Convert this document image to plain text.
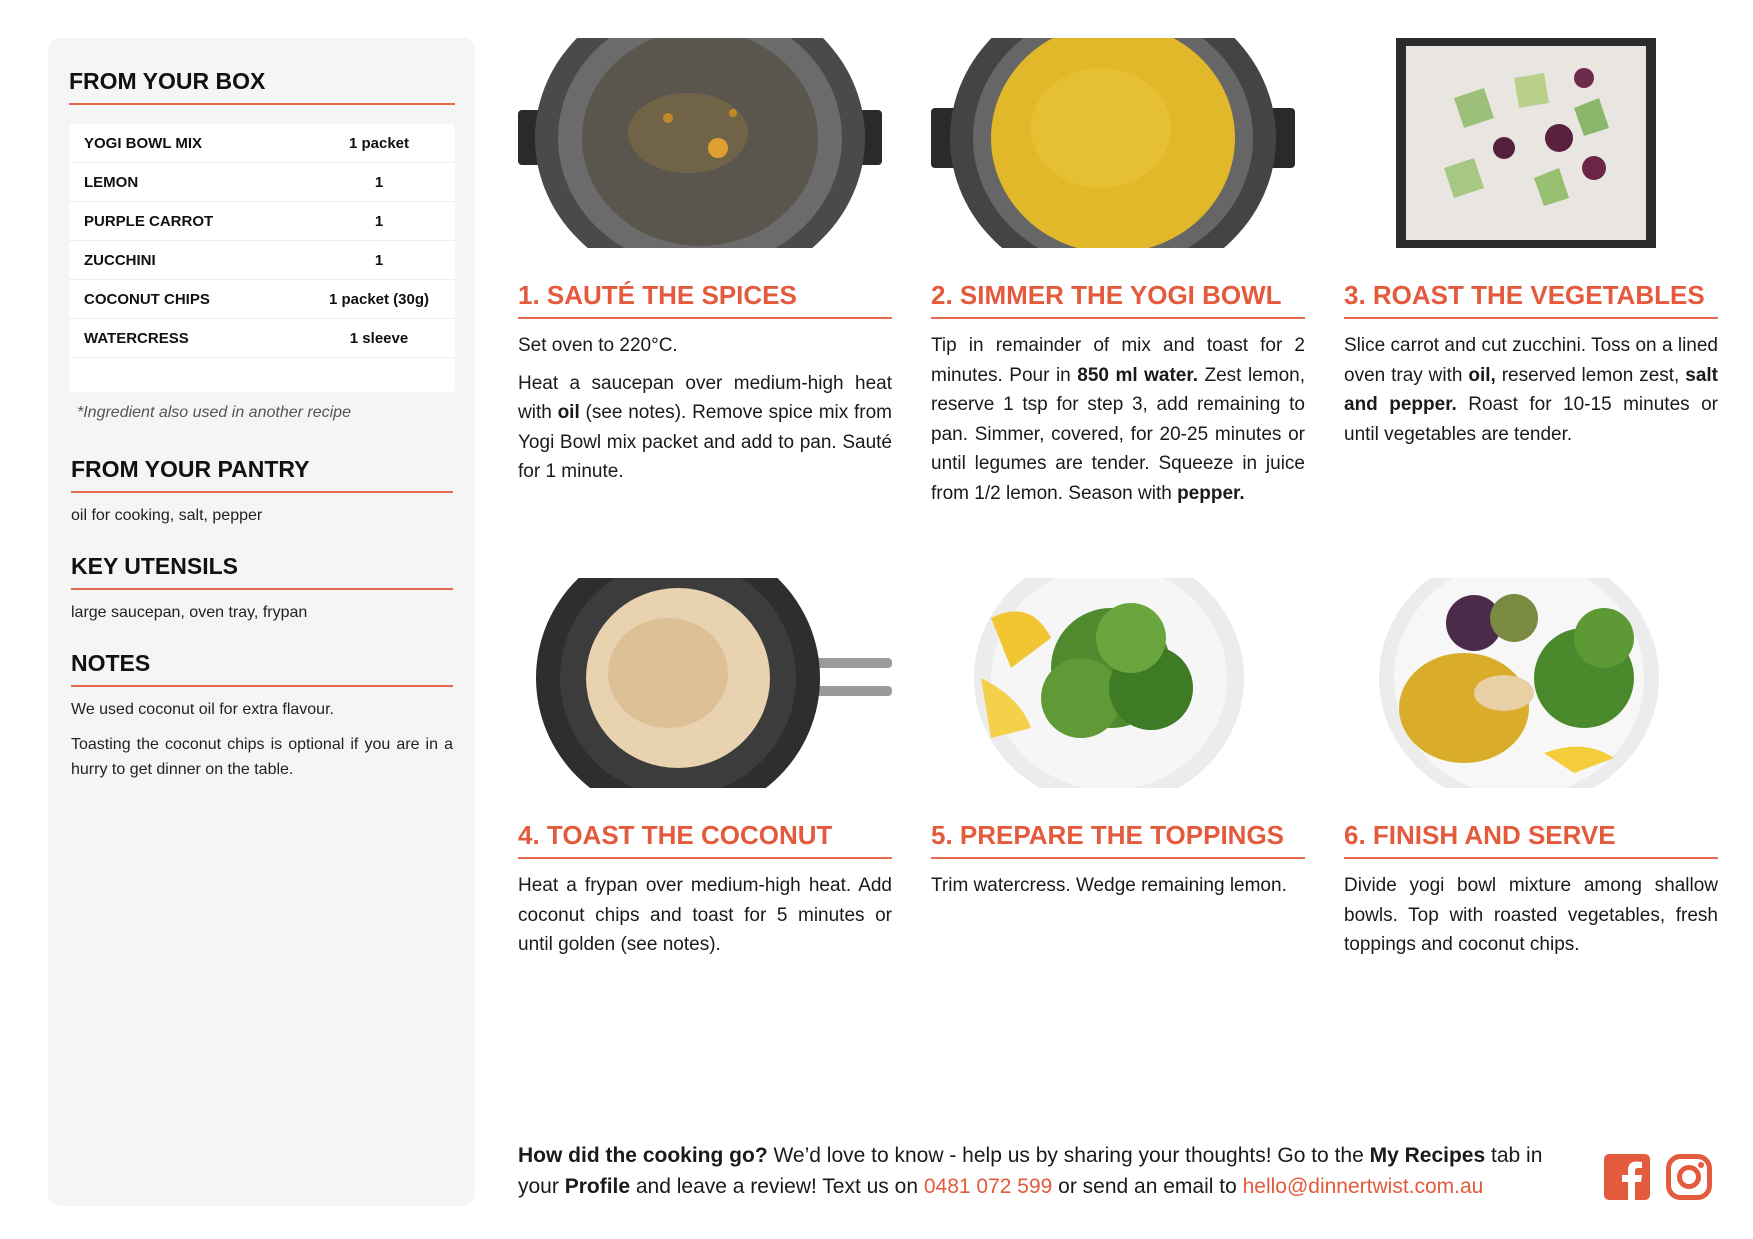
FROM YOUR BOX
YOGI BOWL MIX	1 packet
LEMON	1
PURPLE CARROT	1
ZUCCHINI	1
COCONUT CHIPS	1 packet (30g)
WATERCRESS	1 sleeve
*Ingredient also used in another recipe
FROM YOUR PANTRY

oil for cooking, salt, pepper

KEY UTENSILS

large saucepan, oven tray, frypan

NOTES

We used coconut oil for extra flavour.

Toasting the coconut chips is optional if you are in a hurry to get dinner on the table.

1. SAUTÉ THE SPICES

Set oven to 220°C.

Heat a saucepan over medium-high heat with oil (see notes). Remove spice mix from Yogi Bowl mix packet and add to pan. Sauté for 1 minute.

2. SIMMER THE YOGI BOWL

Tip in remainder of mix and toast for 2 minutes. Pour in 850 ml water. Zest lemon, reserve 1 tsp for step 3, add remaining to pan. Simmer, covered, for 20-25 minutes or until legumes are tender. Squeeze in juice from 1/2 lemon. Season with pepper.

3. ROAST THE VEGETABLES

Slice carrot and cut zucchini. Toss on a lined oven tray with oil, reserved lemon zest, salt and pepper. Roast for 10-15 minutes or until vegetables are tender.

4. TOAST THE COCONUT

Heat a frypan over medium-high heat. Add coconut chips and toast for 5 minutes or until golden (see notes).

5. PREPARE THE TOPPINGS

Trim watercress. Wedge remaining lemon.

6. FINISH AND SERVE

Divide yogi bowl mixture among shallow bowls. Top with roasted vegetables, fresh toppings and coconut chips.

How did the cooking go? We’d love to know - help us by sharing your thoughts! Go to the My Recipes tab in your Profile and leave a review! Text us on 0481 072 599 or send an email to hello@dinnertwist.com.au
